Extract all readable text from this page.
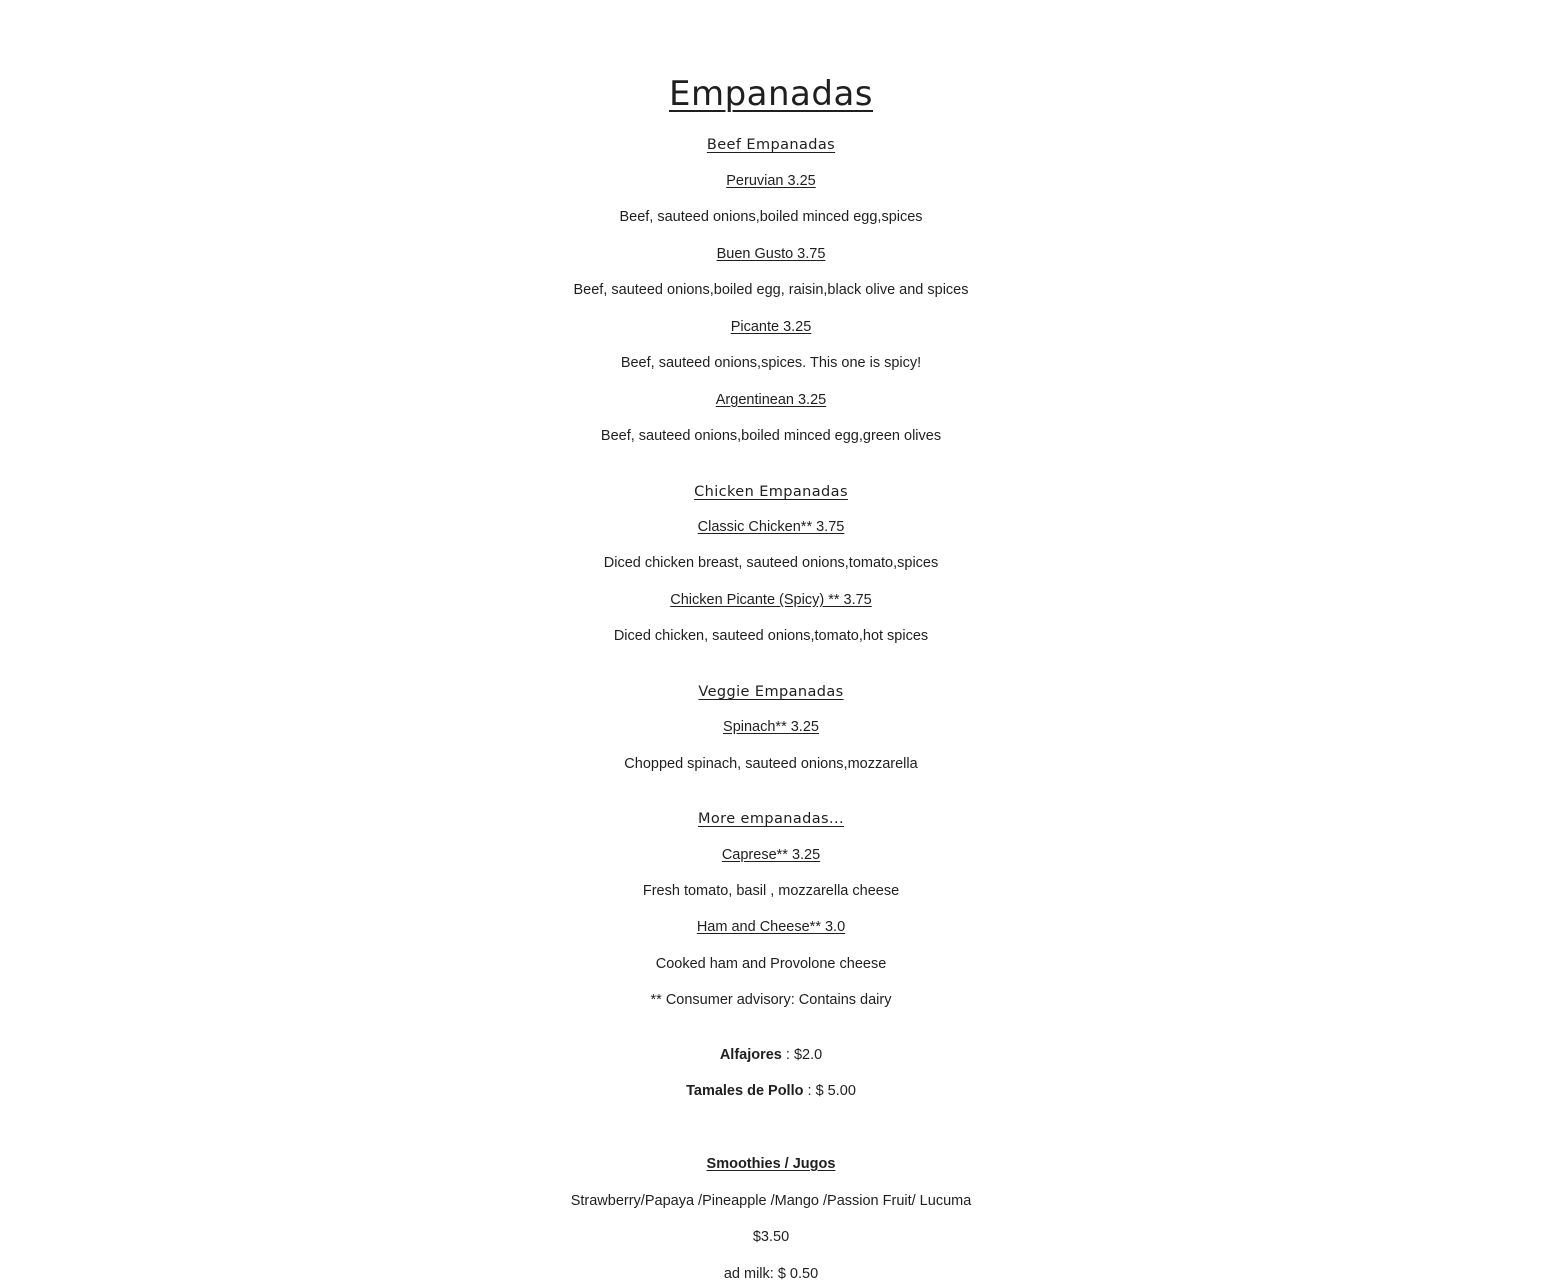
Empanadas
Beef Empanadas
Peruvian 3.25
Beef, sauteed onions,boiled minced egg,spices
Buen Gusto 3.75
Beef, sauteed onions,boiled egg, raisin,black olive and spices
Picante 3.25
Beef, sauteed onions,spices. This one is spicy!
Argentinean 3.25
Beef, sauteed onions,boiled minced egg,green olives
Chicken Empanadas
Classic Chicken** 3.75
Diced chicken breast, sauteed onions,tomato,spices
Chicken Picante (Spicy) ** 3.75
Diced chicken, sauteed onions,tomato,hot spices
Veggie Empanadas
Spinach** 3.25
Chopped spinach, sauteed onions,mozzarella
More empanadas...
Caprese** 3.25
Fresh tomato, basil , mozzarella cheese
Ham and Cheese** 3.0
Cooked ham and Provolone cheese
** Consumer advisory: Contains dairy
Alfajores : $2.0
Tamales de Pollo : $ 5.00
Smoothies / Jugos
Strawberry/Papaya /Pineapple /Mango /Passion Fruit/ Lucuma
$3.50
ad milk: $ 0.50
